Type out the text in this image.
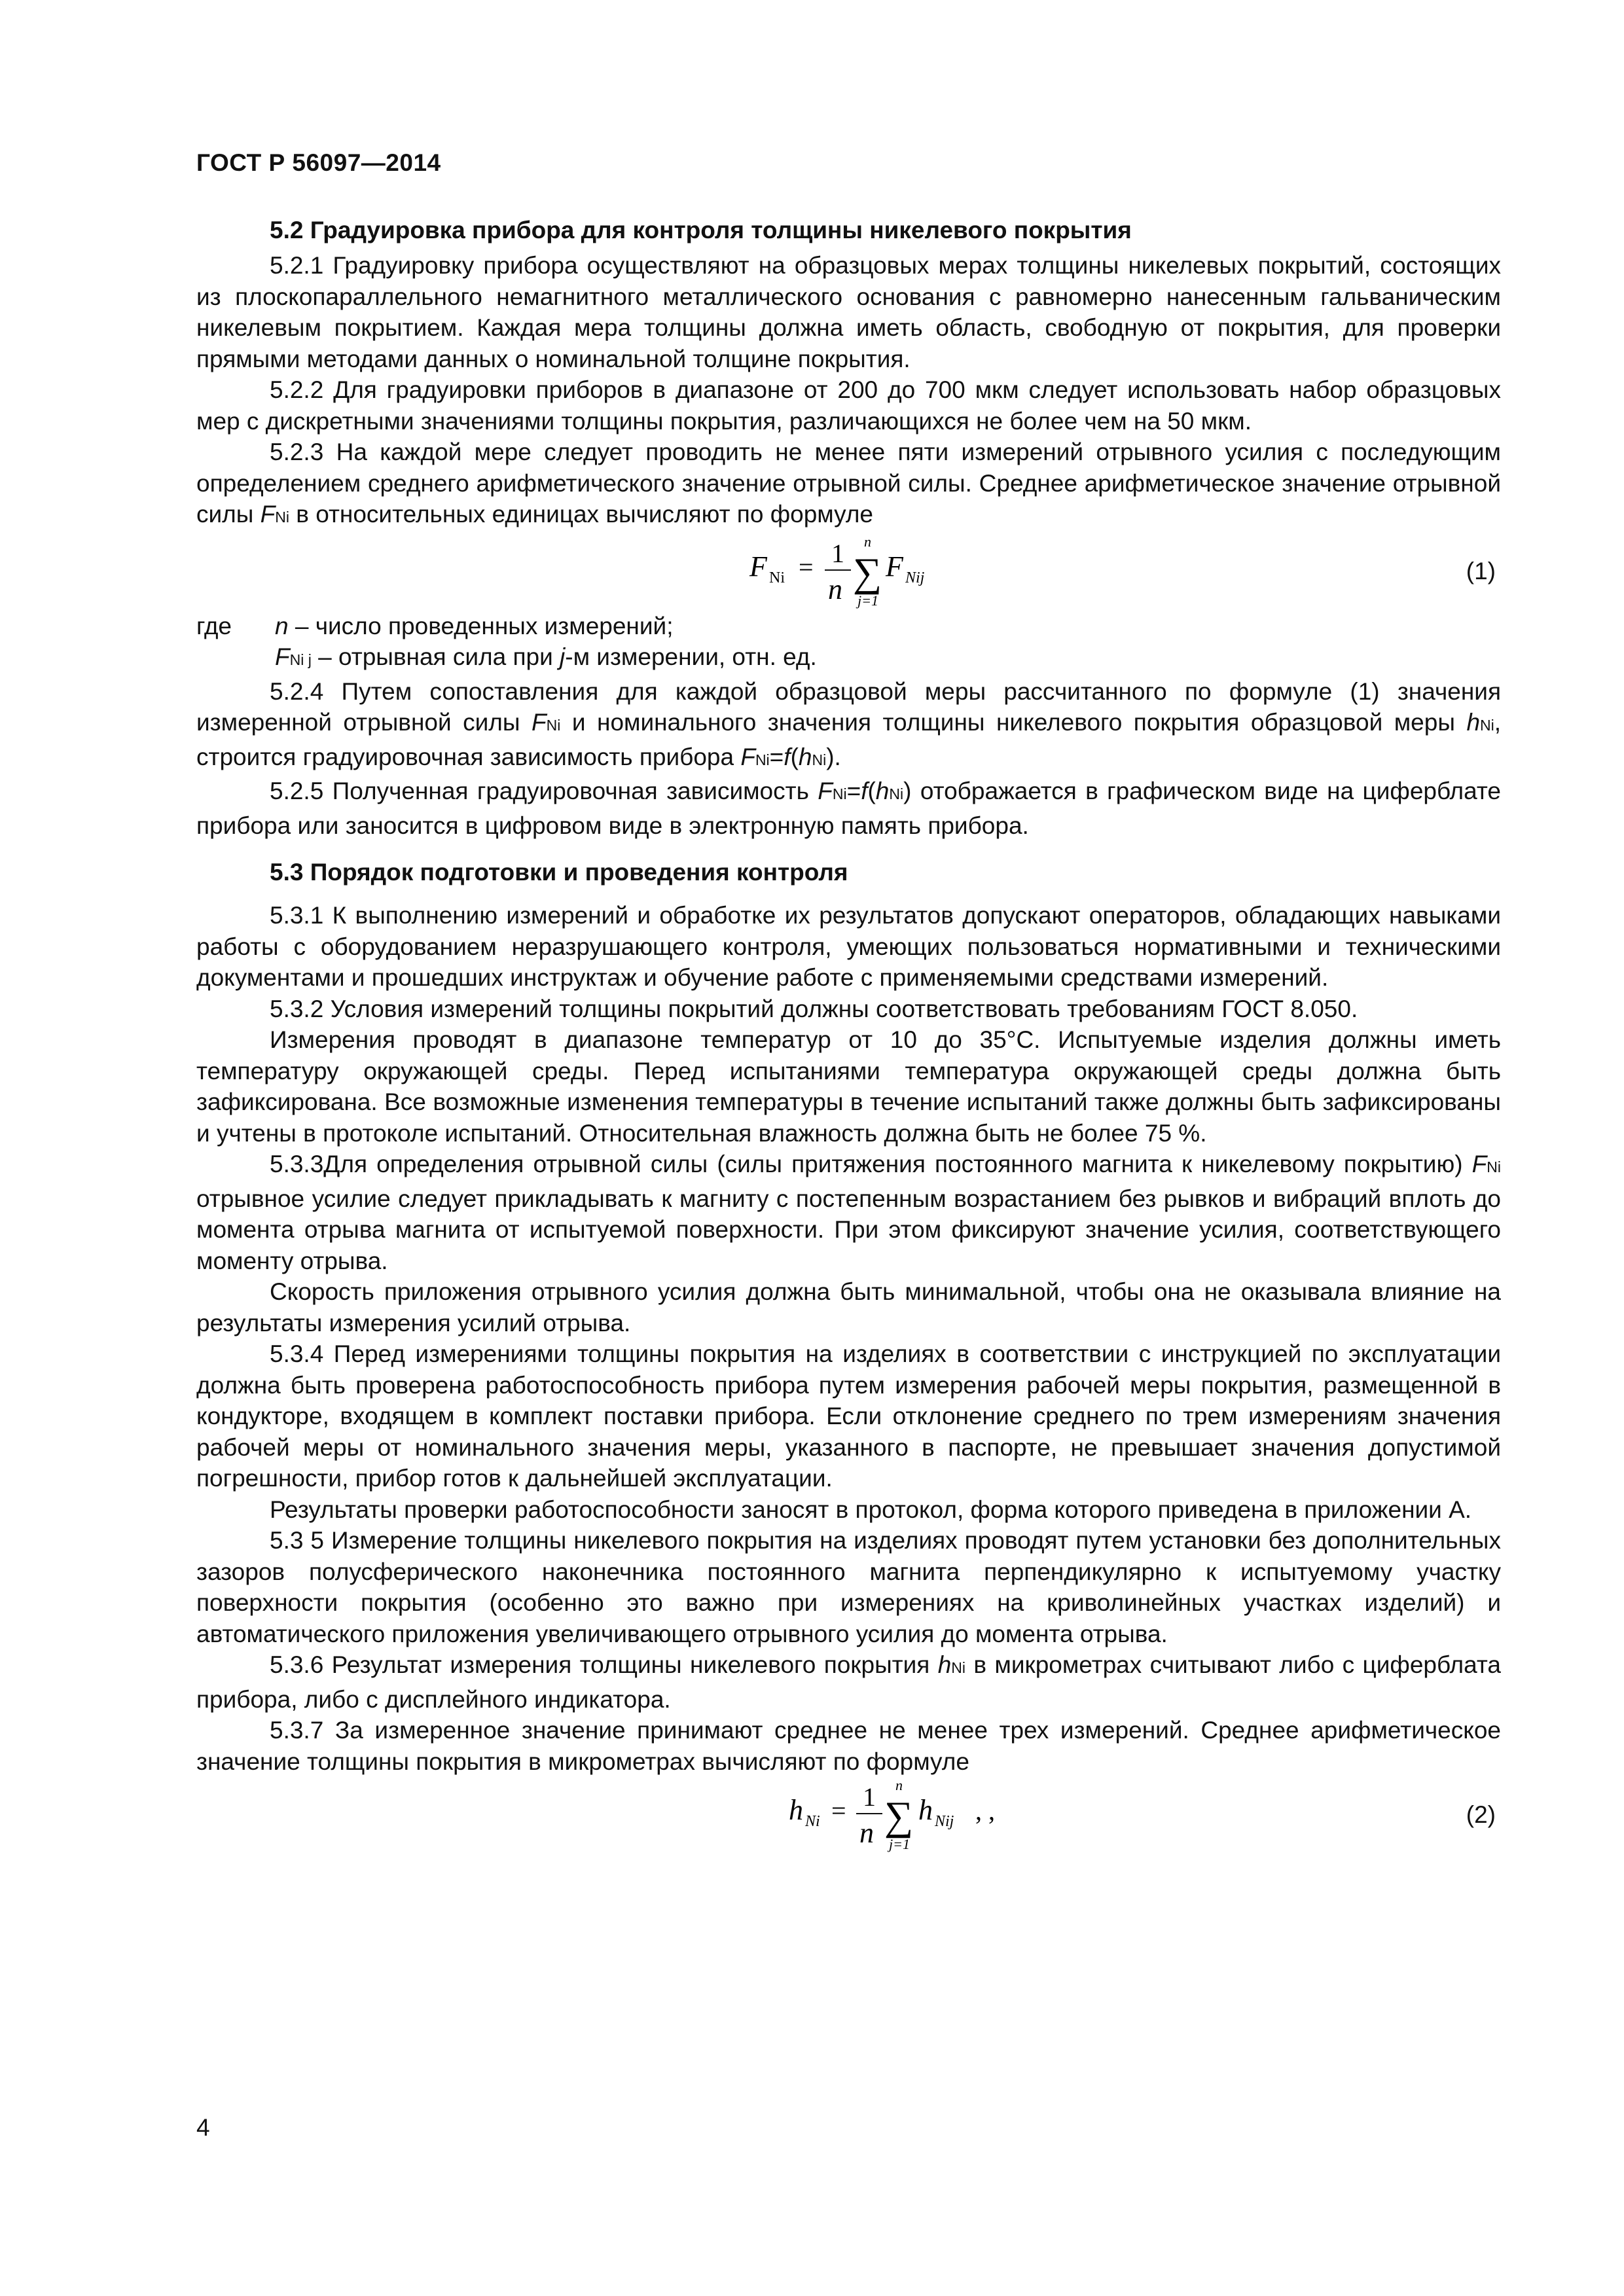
ГОСТ Р 56097—2014
5.2 Градуировка прибора для контроля толщины никелевого покрытия

5.2.1 Градуировку прибора осуществляют на образцовых мерах толщины никелевых покрытий, состоящих из плоскопараллельного немагнитного металлического основания с равномерно нанесенным гальваническим никелевым покрытием. Каждая мера толщины должна иметь область, свободную от покрытия, для проверки прямыми методами данных о номинальной толщине покрытия.

5.2.2 Для градуировки приборов в диапазоне от 200 до 700 мкм следует использовать набор образцовых мер с дискретными значениями толщины покрытия, различающихся не более чем на 50 мкм.

5.2.3 На каждой мере следует проводить не менее пяти измерений отрывного усилия с последующим определением среднего арифметического значение отрывной силы. Среднее арифметическое значение отрывной силы FNi в относительных единицах вычисляют по формуле

F Ni = 1
n ∑
n
j=1
F Nij	(1)
где n – число проведенных измерений;
FNi j – отрывная сила при j-м измерении, отн. ед.

5.2.4 Путем сопоставления для каждой образцовой меры рассчитанного по формуле (1) значения измеренной отрывной силы FNi и номинального значения толщины никелевого покрытия образцовой меры hNi, строится градуировочная зависимость прибора FNi=f(hNi).

5.2.5 Полученная градуировочная зависимость FNi=f(hNi) отображается в графическом виде на циферблате прибора или заносится в цифровом виде в электронную память прибора.

5.3 Порядок подготовки и проведения контроля

5.3.1 К выполнению измерений и обработке их результатов допускают операторов, обладающих навыками работы с оборудованием неразрушающего контроля, умеющих пользоваться нормативными и техническими документами и прошедших инструктаж и обучение работе с применяемыми средствами измерений.

5.3.2 Условия измерений толщины покрытий должны соответствовать требованиям ГОСТ 8.050.

Измерения проводят в диапазоне температур от 10 до 35°С. Испытуемые изделия должны иметь температуру окружающей среды. Перед испытаниями температура окружающей среды должна быть зафиксирована. Все возможные изменения температуры в течение испытаний также должны быть зафиксированы и учтены в протоколе испытаний. Относительная влажность должна быть не более 75 %.

5.3.3Для определения отрывной силы (силы притяжения постоянного магнита к никелевому покрытию) FNi отрывное усилие следует прикладывать к магниту с постепенным возрастанием без рывков и вибраций вплоть до момента отрыва магнита от испытуемой поверхности. При этом фиксируют значение усилия, соответствующего моменту отрыва.

Скорость приложения отрывного усилия должна быть минимальной, чтобы она не оказывала влияние на результаты измерения усилий отрыва.

5.3.4 Перед измерениями толщины покрытия на изделиях в соответствии с инструкцией по эксплуатации должна быть проверена работоспособность прибора путем измерения рабочей меры покрытия, размещенной в кондукторе, входящем в комплект поставки прибора. Если отклонение среднего по трем измерениям значения рабочей меры от номинального значения меры, указанного в паспорте, не превышает значения допустимой погрешности, прибор готов к дальнейшей эксплуатации.

Результаты проверки работоспособности заносят в протокол, форма которого приведена в приложении А.

5.3 5 Измерение толщины никелевого покрытия на изделиях проводят путем установки без дополнительных зазоров полусферического наконечника постоянного магнита перпендикулярно к испытуемому участку поверхности покрытия (особенно это важно при измерениях на криволинейных участках изделий) и автоматического приложения увеличивающего отрывного усилия до момента отрыва.

5.3.6 Результат измерения толщины никелевого покрытия hNi в микрометрах считывают либо с циферблата прибора, либо с дисплейного индикатора.

5.3.7 За измеренное значение принимают среднее не менее трех измерений. Среднее арифметическое значение толщины покрытия в микрометрах вычисляют по формуле

h Ni = 1
n ∑
n
j=1
h Nij , ,	(2)
4
